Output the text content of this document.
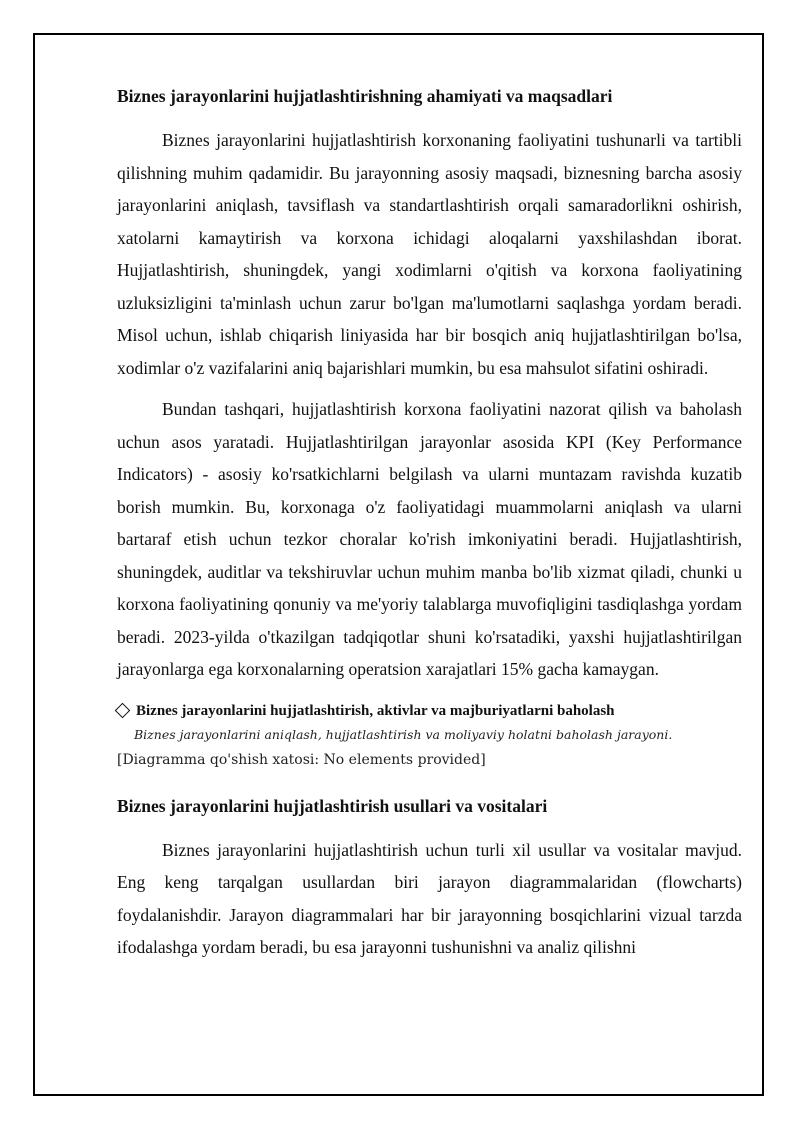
Biznes jarayonlarini hujjatlashtirishning ahamiyati va maqsadlari

Biznes jarayonlarini hujjatlashtirish korxonaning faoliyatini tushunarli va tartibli qilishning muhim qadamidir. Bu jarayonning asosiy maqsadi, biznesning barcha asosiy jarayonlarini aniqlash, tavsiflash va standartlashtirish orqali samaradorlikni oshirish, xatolarni kamaytirish va korxona ichidagi aloqalarni yaxshilashdan iborat. Hujjatlashtirish, shuningdek, yangi xodimlarni o'qitish va korxona faoliyatining uzluksizligini ta'minlash uchun zarur bo'lgan ma'lumotlarni saqlashga yordam beradi. Misol uchun, ishlab chiqarish liniyasida har bir bosqich aniq hujjatlashtirilgan bo'lsa, xodimlar o'z vazifalarini aniq bajarishlari mumkin, bu esa mahsulot sifatini oshiradi.

Bundan tashqari, hujjatlashtirish korxona faoliyatini nazorat qilish va baholash uchun asos yaratadi. Hujjatlashtirilgan jarayonlar asosida KPI (Key Performance Indicators) - asosiy ko'rsatkichlarni belgilash va ularni muntazam ravishda kuzatib borish mumkin. Bu, korxonaga o'z faoliyatidagi muammolarni aniqlash va ularni bartaraf etish uchun tezkor choralar ko'rish imkoniyatini beradi. Hujjatlashtirish, shuningdek, auditlar va tekshiruvlar uchun muhim manba bo'lib xizmat qiladi, chunki u korxona faoliyatining qonuniy va me'yoriy talablarga muvofiqligini tasdiqlashga yordam beradi. 2023-yilda o'tkazilgan tadqiqotlar shuni ko'rsatadiki, yaxshi hujjatlashtirilgan jarayonlarga ega korxonalarning operatsion xarajatlari 15% gacha kamaygan.

Biznes jarayonlarini hujjatlashtirish, aktivlar va majburiyatlarni baholash
Biznes jarayonlarini aniqlash, hujjatlashtirish va moliyaviy holatni baholash jarayoni.
[Diagramma qo'shish xatosi: No elements provided]
Biznes jarayonlarini hujjatlashtirish usullari va vositalari

Biznes jarayonlarini hujjatlashtirish uchun turli xil usullar va vositalar mavjud. Eng keng tarqalgan usullardan biri jarayon diagrammalaridan (flowcharts) foydalanishdir. Jarayon diagrammalari har bir jarayonning bosqichlarini vizual tarzda ifodalashga yordam beradi, bu esa jarayonni tushunishni va analiz qilishni
